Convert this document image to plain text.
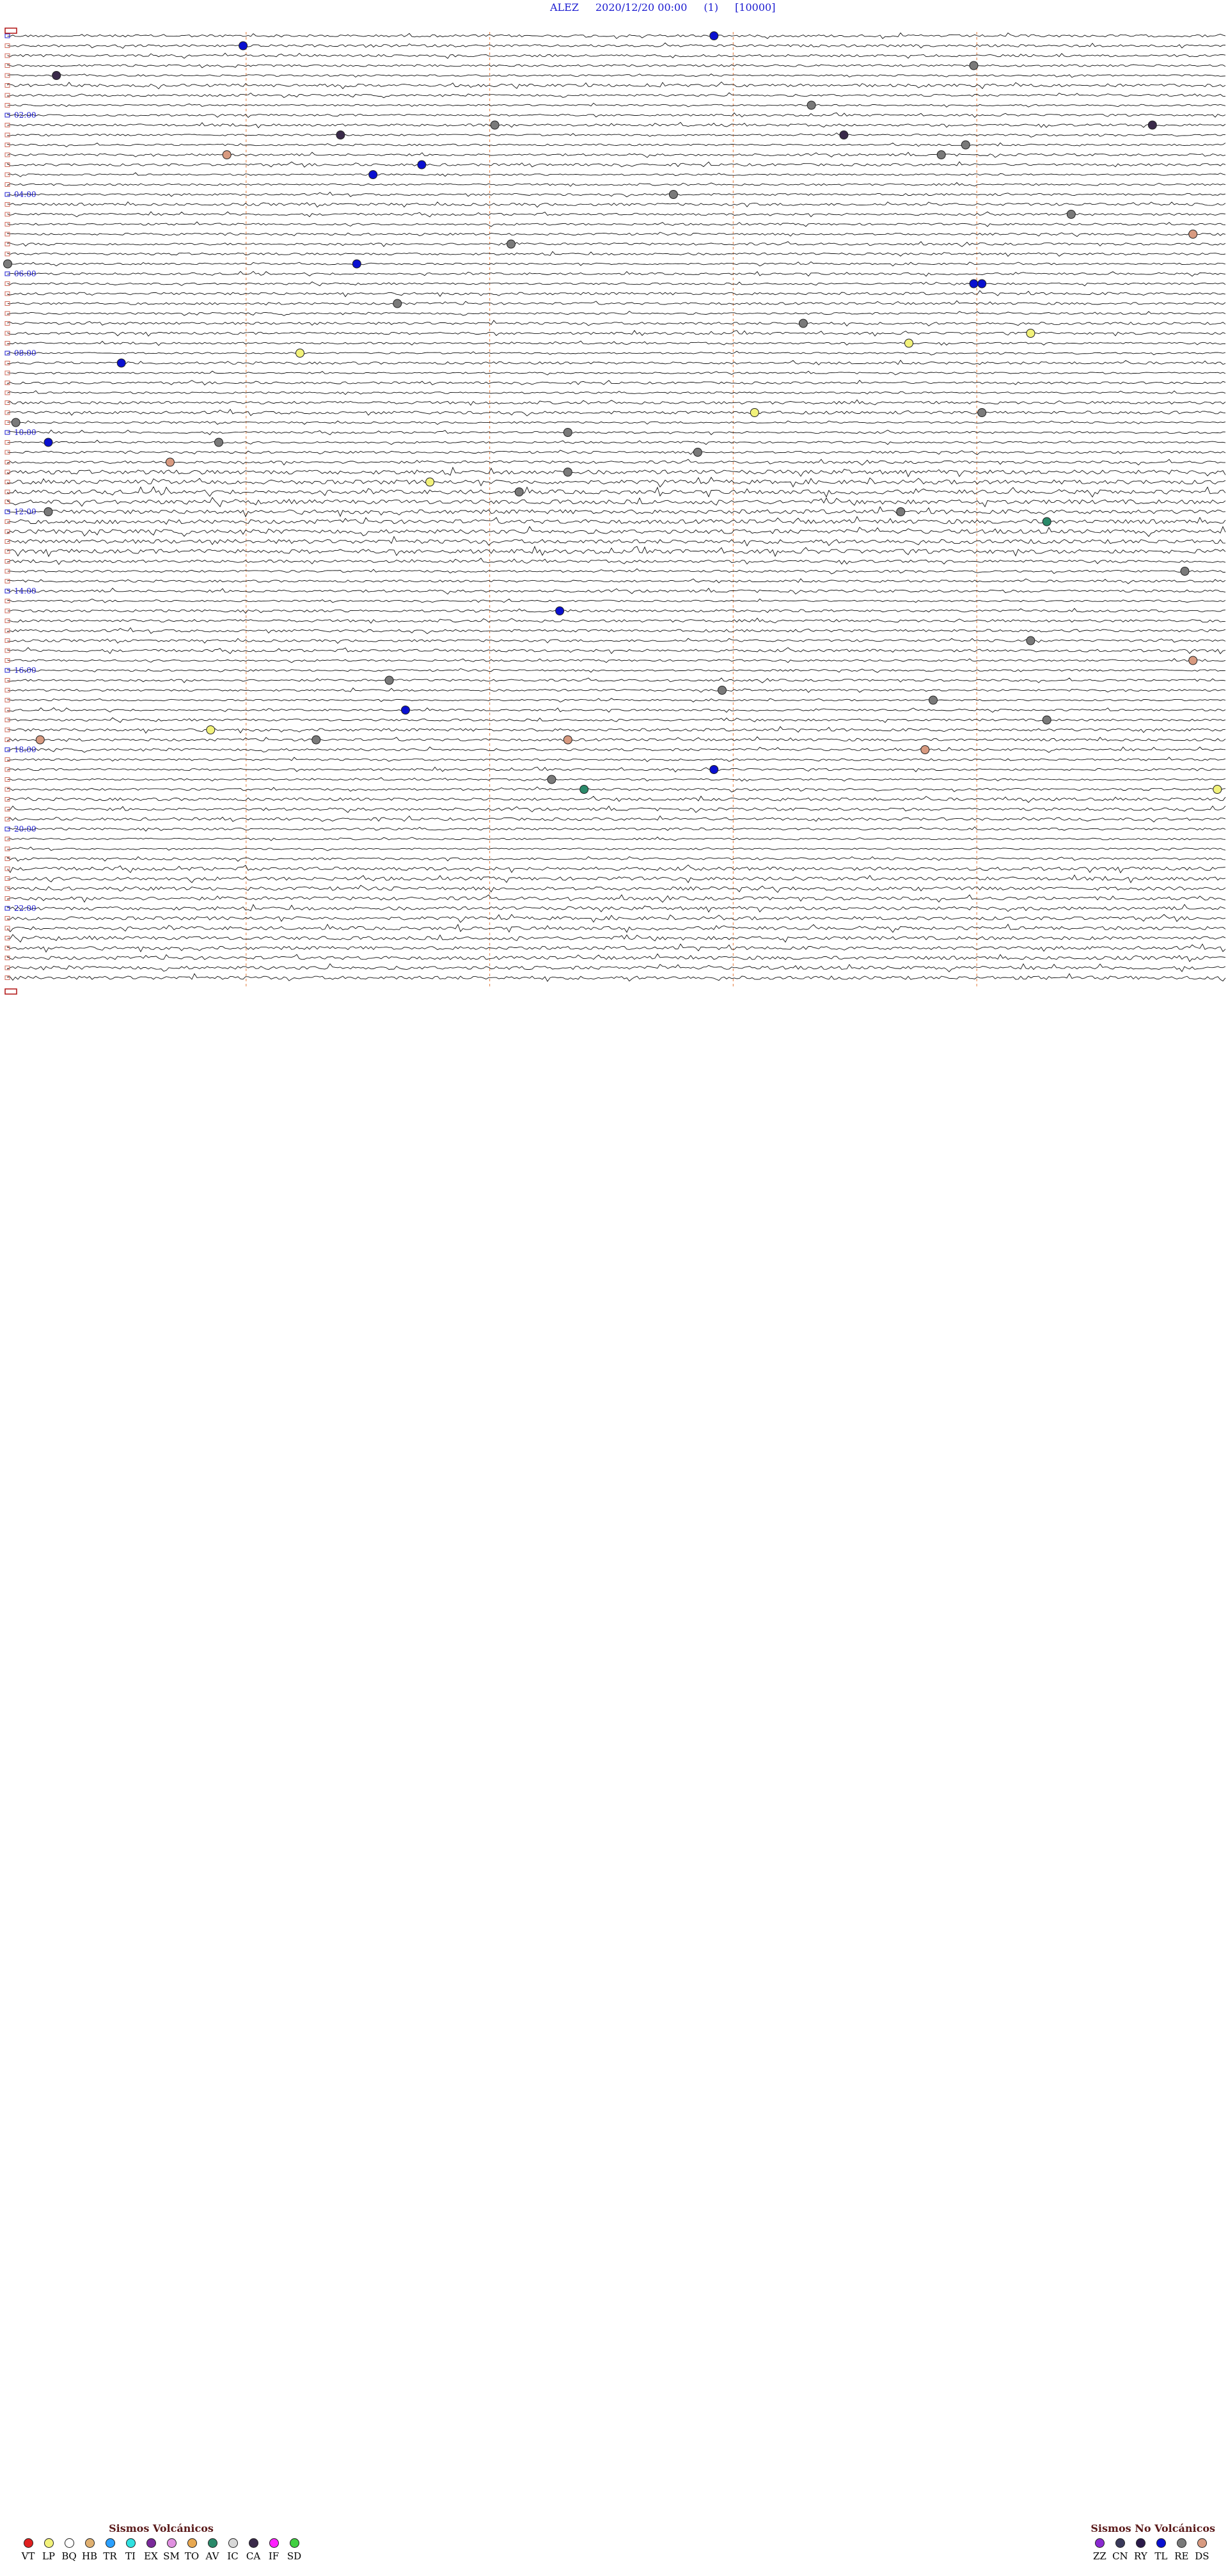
02:00
04:00
06:00
08:00
10:00
12:00
14:00
16:00
18:00
20:00
22:00
ALEZ 2020/12/20 00:00 (1) [10000]
Sismos Volcánicos
VT LP BQ HB TR TI EX SM TO AV IC CA IF SD
Sismos No Volcánicos
ZZ CN RY TL RE DS
